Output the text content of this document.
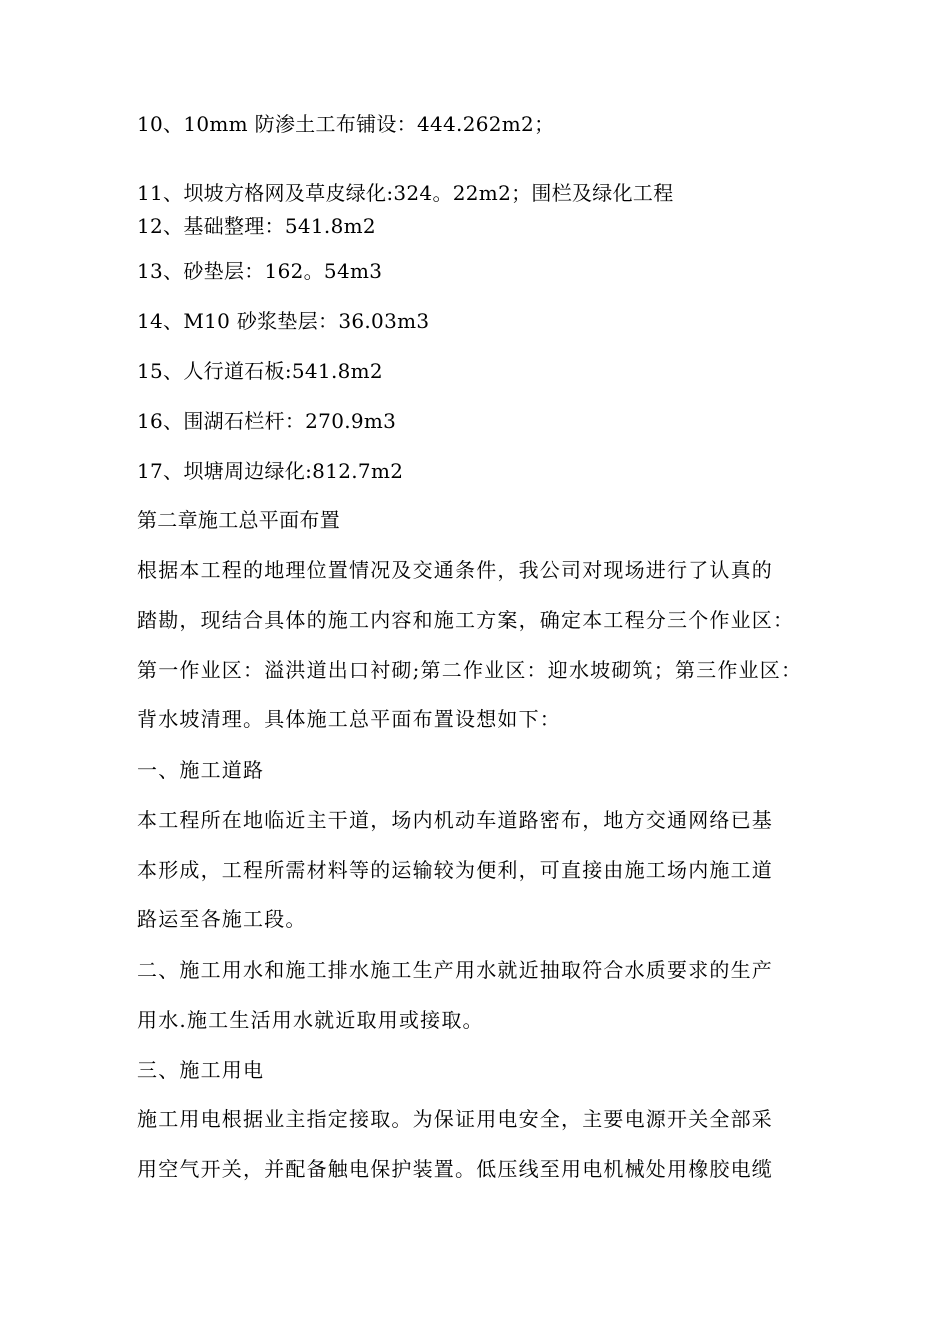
10、10mm 防渗土工布铺设：444.262m2；
11、坝坡方格网及草皮绿化:324。22m2；围栏及绿化工程
12、基础整理：541.8m2
13、砂垫层：162。54m3
14、M10 砂浆垫层：36.03m3
15、人行道石板:541.8m2
16、围湖石栏杆：270.9m3
17、坝塘周边绿化:812.7m2
第二章施工总平面布置
根据本工程的地理位置情况及交通条件，我公司对现场进行了认真的
踏勘，现结合具体的施工内容和施工方案，确定本工程分三个作业区：
第一作业区：溢洪道出口衬砌;第二作业区：迎水坡砌筑；第三作业区：
背水坡清理。具体施工总平面布置设想如下：
一、施工道路
本工程所在地临近主干道，场内机动车道路密布，地方交通网络已基
本形成，工程所需材料等的运输较为便利，可直接由施工场内施工道
路运至各施工段。
二、施工用水和施工排水施工生产用水就近抽取符合水质要求的生产
用水.施工生活用水就近取用或接取。
三、施工用电
施工用电根据业主指定接取。为保证用电安全，主要电源开关全部采
用空气开关，并配备触电保护装置。低压线至用电机械处用橡胶电缆
